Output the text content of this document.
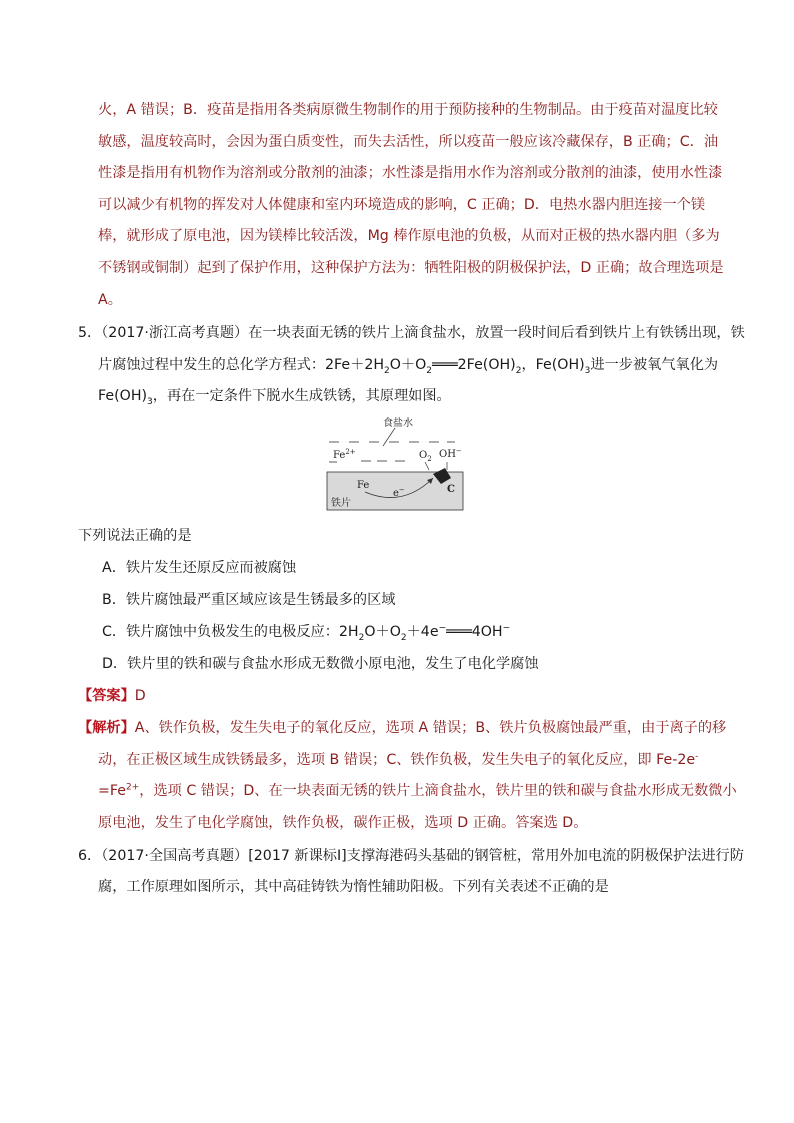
火，A 错误；B．疫苗是指用各类病原微生物制作的用于预防接种的生物制品。由于疫苗对温度比较
敏感，温度较高时，会因为蛋白质变性，而失去活性，所以疫苗一般应该冷藏保存，B 正确；C．油
性漆是指用有机物作为溶剂或分散剂的油漆；水性漆是指用水作为溶剂或分散剂的油漆，使用水性漆
可以减少有机物的挥发对人体健康和室内环境造成的影响，C 正确；D．电热水器内胆连接一个镁
棒，就形成了原电池，因为镁棒比较活泼，Mg 棒作原电池的负极，从而对正极的热水器内胆（多为
不锈钢或铜制）起到了保护作用，这种保护方法为：牺牲阳极的阴极保护法，D 正确；故合理选项是
A。
5．（2017·浙江高考真题）在一块表面无锈的铁片上滴食盐水，放置一段时间后看到铁片上有铁锈出现，铁
片腐蚀过程中发生的总化学方程式：$2Fe+2H_2O+O_2═══2Fe(OH)_2$，$Fe(OH)_3$进一步被氧气氧化为
$Fe(OH)_3$，再在一定条件下脱水生成铁锈，其原理如图。
食盐水
$Fe^{2+}$	$O_2$ OH−
C
Fe
e−
铁片
下列说法正确的是
A．铁片发生还原反应而被腐蚀
B．铁片腐蚀最严重区域应该是生锈最多的区域
C．铁片腐蚀中负极发生的电极反应：$2H_2O+O_2+4e^-═══4OH^-$
D．铁片里的铁和碳与食盐水形成无数微小原电池，发生了电化学腐蚀
【答案】D
【解析】A、铁作负极，发生失电子的氧化反应，选项 A 错误；B、铁片负极腐蚀最严重，由于离子的移
动，在正极区域生成铁锈最多，选项 B 错误；C、铁作负极，发生失电子的氧化反应，即 Fe-2e-
$=Fe^{2+}$，选项 C 错误；D、在一块表面无锈的铁片上滴食盐水，铁片里的铁和碳与食盐水形成无数微小
原电池，发生了电化学腐蚀，铁作负极，碳作正极，选项 D 正确。答案选 D。
6．（2017·全国高考真题）[2017 新课标Ⅰ]支撑海港码头基础的钢管桩，常用外加电流的阴极保护法进行防
腐，工作原理如图所示，其中高硅铸铁为惰性辅助阳极。下列有关表述不正确的是
